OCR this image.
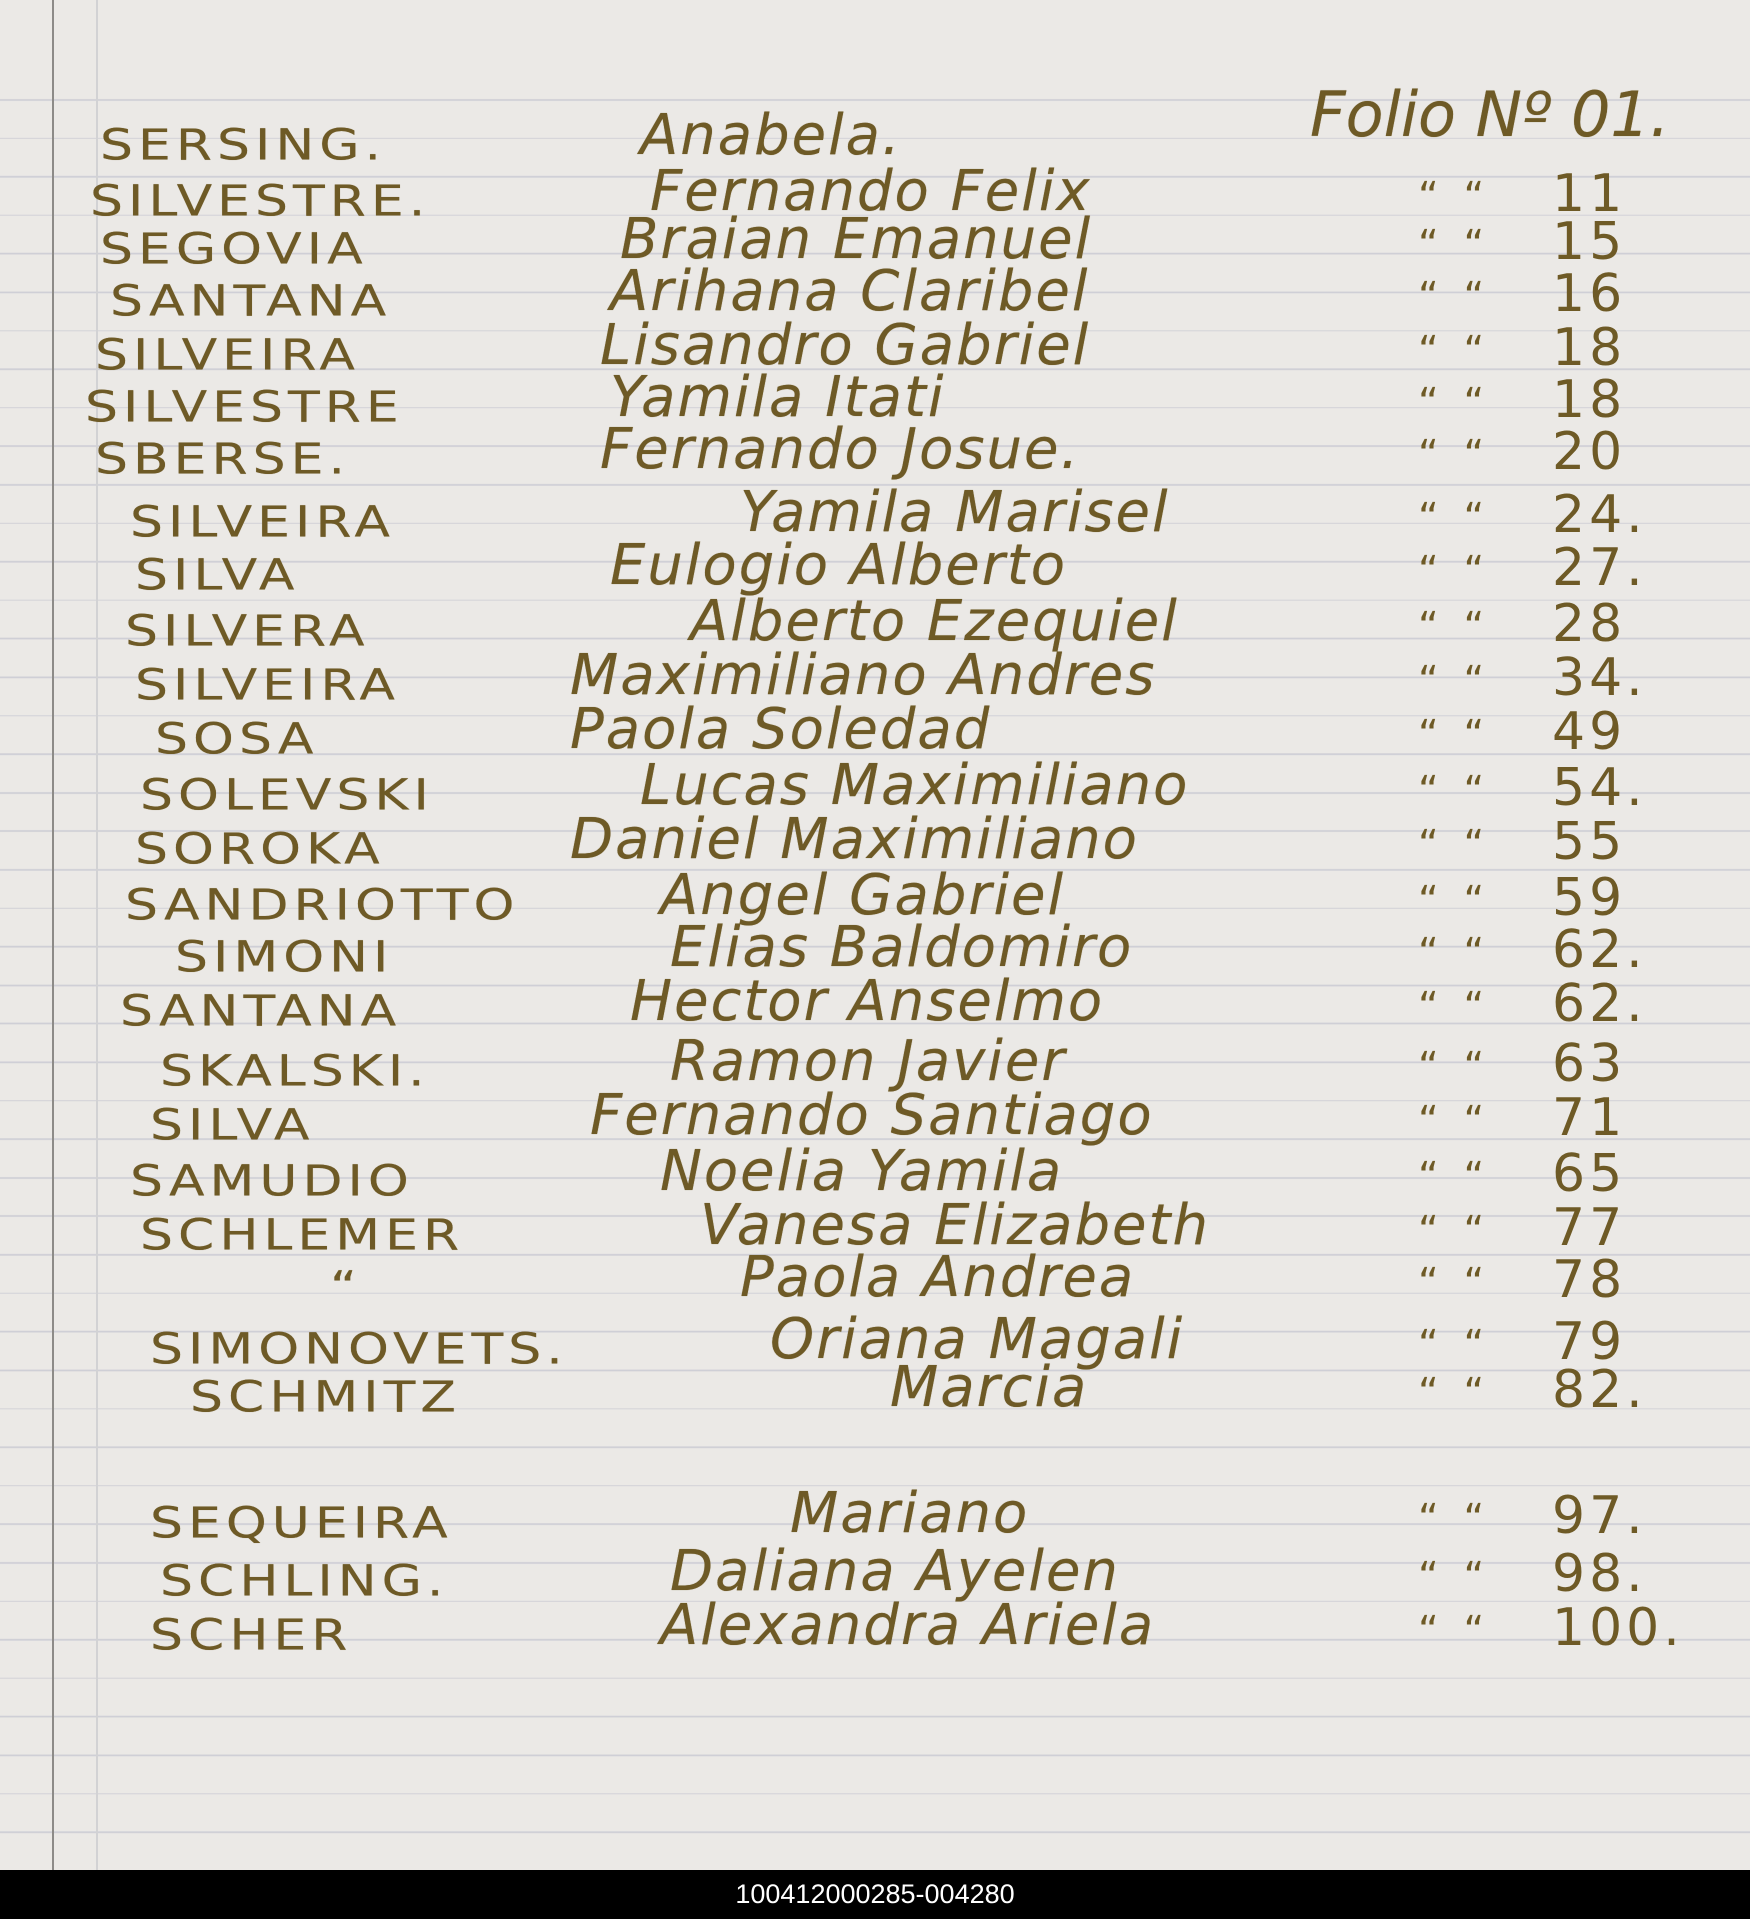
Folio Nº 01.
SERSING.	Anabela.
SILVESTRE.	Fernando Felix	“ “ 11
SEGOVIA	Braian Emanuel	“ “ 15
SANTANA	Arihana Claribel	“ “ 16
SILVEIRA	Lisandro Gabriel	“ “ 18
SILVESTRE	Yamila Itati	“ “ 18
SBERSE.	Fernando Josue.	“ “ 20
SILVEIRA	Yamila Marisel	“ “ 24.
SILVA	Eulogio Alberto	“ “ 27.
SILVERA	Alberto Ezequiel	“ “ 28
SILVEIRA	Maximiliano Andres	“ “ 34.
SOSA	Paola Soledad	“ “ 49
SOLEVSKI	Lucas Maximiliano	“ “ 54.
SOROKA	Daniel Maximiliano	“ “ 55
SANDRIOTTO	Angel Gabriel	“ “ 59
SIMONI	Elias Baldomiro	“ “ 62.
SANTANA	Hector Anselmo	“ “ 62.
SKALSKI.	Ramon Javier	“ “ 63
SILVA	Fernando Santiago	“ “ 71
SAMUDIO	Noelia Yamila	“ “ 65
SCHLEMER	Vanesa Elizabeth	“ “ 77
“	Paola Andrea	“ “ 78
SIMONOVETS.	Oriana Magali	“ “ 79
SCHMITZ	Marcia	“ “ 82.
SEQUEIRA	Mariano	“ “ 97.
SCHLING.	Daliana Ayelen	“ “ 98.
SCHER	Alexandra Ariela	“ “ 100.
100412000285-004280
